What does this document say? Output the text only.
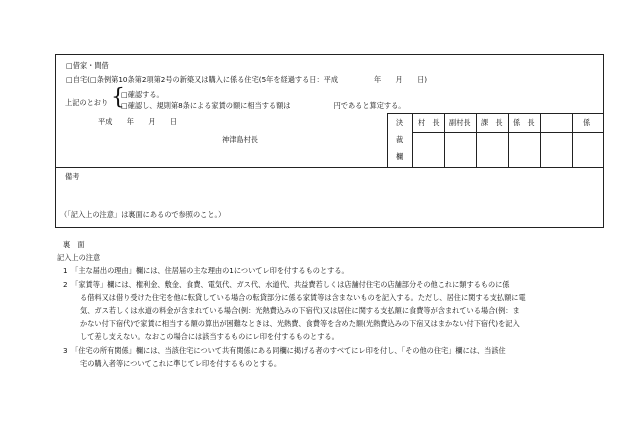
□借家・間借
□自宅(□条例第10条第2項第2号の新築又は購入に係る住宅(5年を経過する日：平成　　　　　年　　月　　日)
上記のとおり {
□確認する。
□確認し、規則第8条による家賃の額に相当する額は　　　　　　円であると算定する。
平成　　年　　月　　日
神津島村長
決
裁
欄
村　長 副村長 課　長 係　長	係
備考
（「記入上の注意」は裏面にあるので参照のこと。）
裏　面
記入上の注意
1　「主な届出の理由」欄には、住居届の主な理由の1についてレ印を付するものとする。
2　「家賃等」欄には、権利金、敷金、食費、電気代、ガス代、水道代、共益費若しくは店舗付住宅の店舗部分その他これに類するものに係
る借料又は借り受けた住宅を他に転貸している場合の転貸部分に係る家賃等は含まないものを記入する。ただし、居住に関する支払額に電
気、ガス若しくは水道の料金が含まれている場合(例：光熱費込みの下宿代)又は居住に関する支払額に食費等が含まれている場合(例：ま
かない付下宿代)で家賃に相当する額の算出が困難なときは、光熱費、食費等を含めた額(光熱費込みの下宿又はまかない付下宿代)を記入
して差し支えない。なおこの場合には該当するものにレ印を付するものとする。
3　「住宅の所有関係」欄には、当該住宅について共有関係にある同欄に掲げる者のすべてにレ印を付し、「その他の住宅」欄には、当該住
宅の購入者等についてこれに準じてレ印を付するものとする。
